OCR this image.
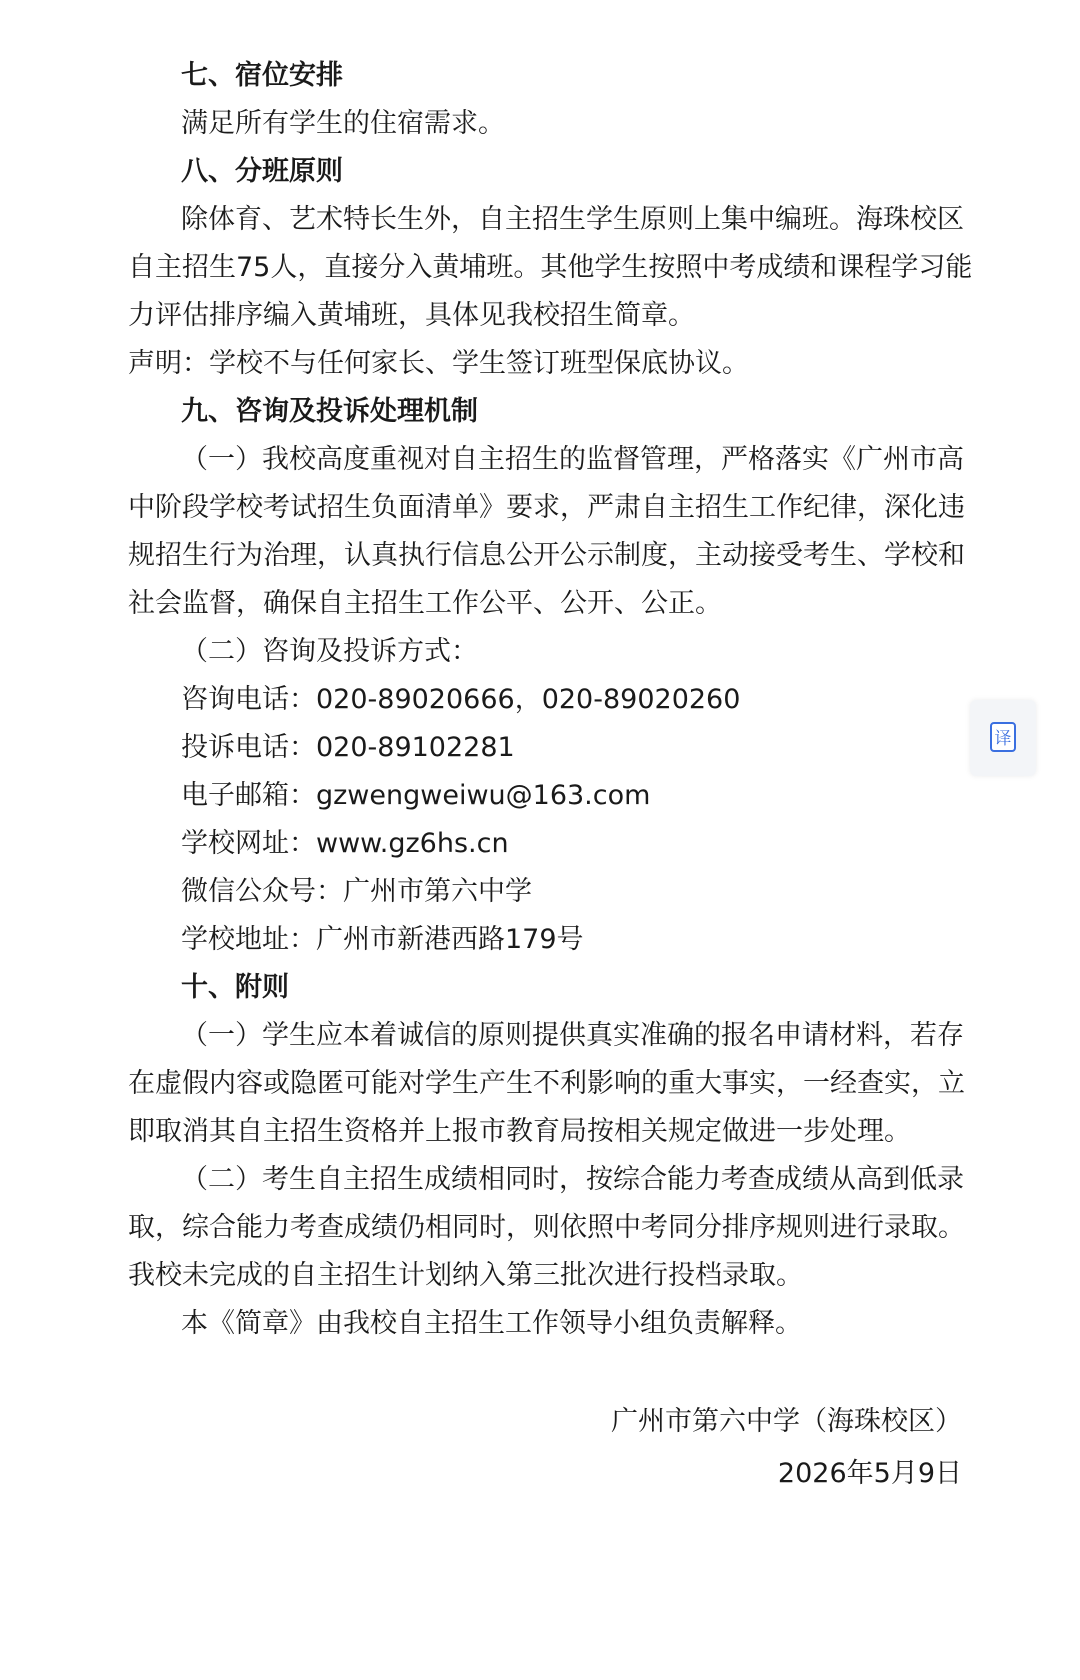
七、宿位安排
满足所有学生的住宿需求。
八、分班原则
除体育、艺术特长生外，自主招生学生原则上集中编班。海珠校区
自主招生75人，直接分入黄埔班。其他学生按照中考成绩和课程学习能
力评估排序编入黄埔班，具体见我校招生简章。
声明：学校不与任何家长、学生签订班型保底协议。
九、咨询及投诉处理机制
（一）我校高度重视对自主招生的监督管理，严格落实《广州市高
中阶段学校考试招生负面清单》要求，严肃自主招生工作纪律，深化违
规招生行为治理，认真执行信息公开公示制度，主动接受考生、学校和
社会监督，确保自主招生工作公平、公开、公正。
（二）咨询及投诉方式：
咨询电话：020-89020666，020-89020260
投诉电话：020-89102281
电子邮箱：gzwengweiwu@163.com
学校网址：www.gz6hs.cn
微信公众号：广州市第六中学
学校地址：广州市新港西路179号
十、附则
（一）学生应本着诚信的原则提供真实准确的报名申请材料，若存
在虚假内容或隐匿可能对学生产生不利影响的重大事实，一经查实，立
即取消其自主招生资格并上报市教育局按相关规定做进一步处理。
（二）考生自主招生成绩相同时，按综合能力考查成绩从高到低录
取，综合能力考查成绩仍相同时，则依照中考同分排序规则进行录取。
我校未完成的自主招生计划纳入第三批次进行投档录取。
本《简章》由我校自主招生工作领导小组负责解释。
广州市第六中学（海珠校区）
2026年5月9日
译
